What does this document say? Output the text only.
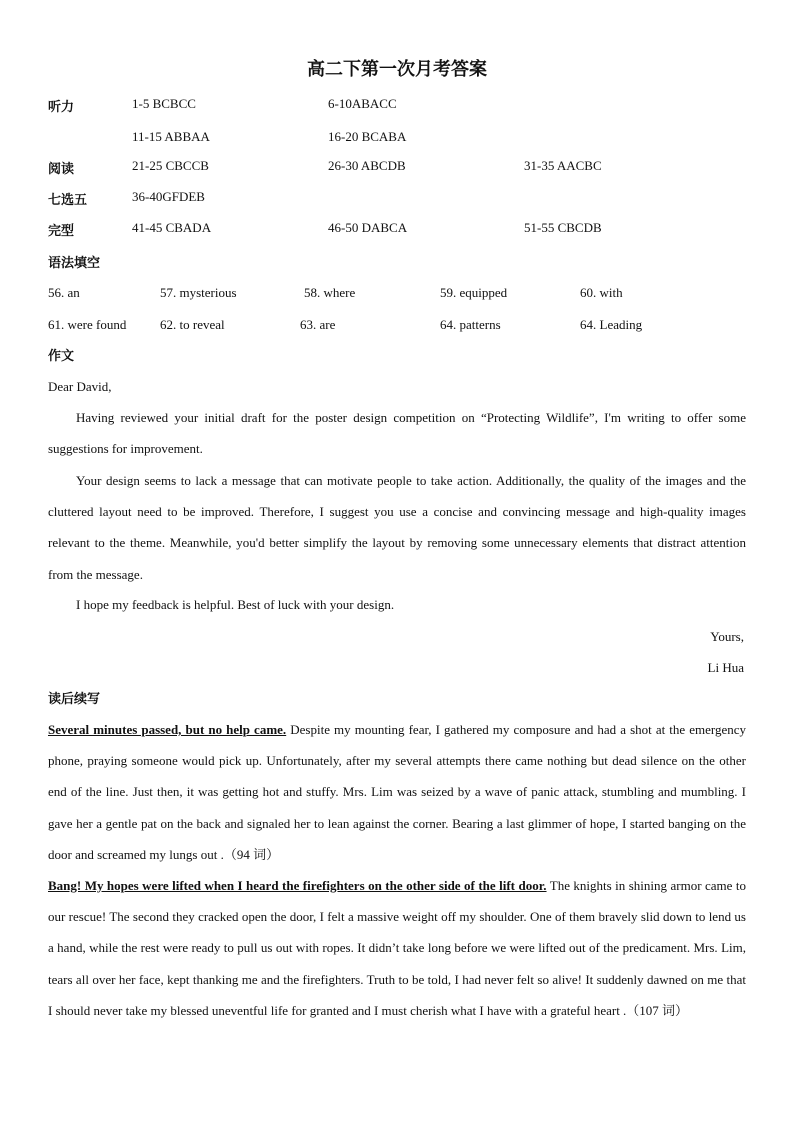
高二下第一次月考答案
听力	1-5 BCBCC	6-10ABACC
11-15 ABBAA	16-20 BCABA
阅读	21-25 CBCCB	26-30 ABCDB	31-35 AACBC
七选五	36-40GFDEB
完型	41-45 CBADA	46-50 DABCA	51-55 CBCDB
语法填空
56. an	57. mysterious	58. where	59. equipped	60. with
61. were found	62. to reveal	63. are	64. patterns	64. Leading
作文
Dear David,
Having reviewed your initial draft for the poster design competition on “Protecting Wildlife”, I'm writing to offer some suggestions for improvement.
Your design seems to lack a message that can motivate people to take action. Additionally, the quality of the images and the cluttered layout need to be improved. Therefore, I suggest you use a concise and convincing message and high-quality images relevant to the theme. Meanwhile, you'd better simplify the layout by removing some unnecessary elements that distract attention from the message.
I hope my feedback is helpful. Best of luck with your design.
Yours,
Li Hua
读后续写
Several minutes passed, but no help came. Despite my mounting fear, I gathered my composure and had a shot at the emergency phone, praying someone would pick up. Unfortunately, after my several attempts there came nothing but dead silence on the other end of the line. Just then, it was getting hot and stuffy. Mrs. Lim was seized by a wave of panic attack, stumbling and mumbling. I gave her a gentle pat on the back and signaled her to lean against the corner. Bearing a last glimmer of hope, I started banging on the door and screamed my lungs out .（94 词）
Bang! My hopes were lifted when I heard the firefighters on the other side of the lift door. The knights in shining armor came to our rescue! The second they cracked open the door, I felt a massive weight off my shoulder. One of them bravely slid down to lend us a hand, while the rest were ready to pull us out with ropes. It didn’t take long before we were lifted out of the predicament. Mrs. Lim, tears all over her face, kept thanking me and the firefighters. Truth to be told, I had never felt so alive! It suddenly dawned on me that I should never take my blessed uneventful life for granted and I must cherish what I have with a grateful heart .（107 词）
